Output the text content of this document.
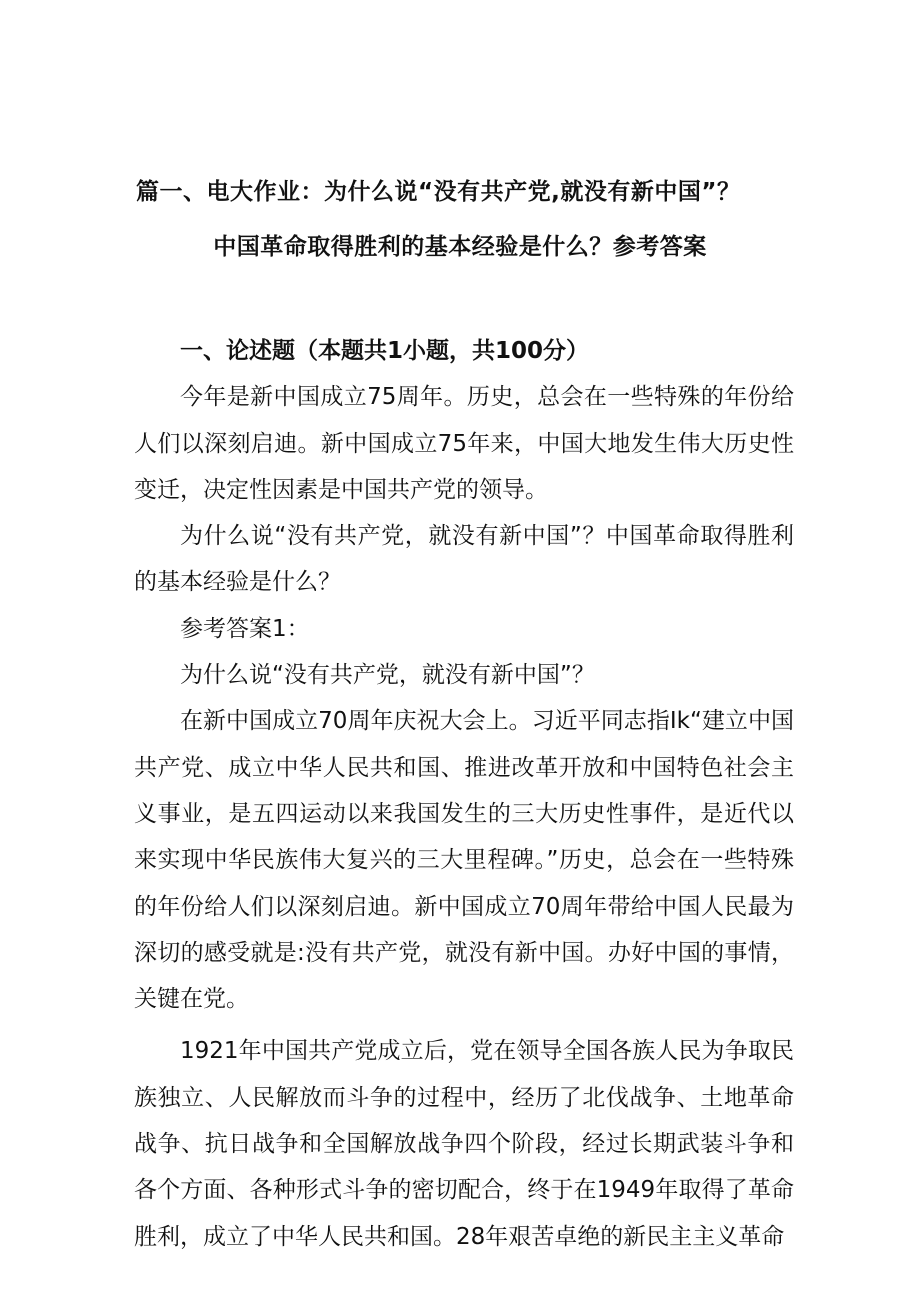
篇一、电大作业：为什么说“没有共产党,就没有新中国”？
中国革命取得胜利的基本经验是什么？参考答案

一、论述题（本题共1小题，共100分）

今年是新中国成立75周年。历史，总会在一些特殊的年份给人们以深刻启迪。新中国成立75年来，中国大地发生伟大历史性变迁，决定性因素是中国共产党的领导。

为什么说“没有共产党，就没有新中国”？中国革命取得胜利的基本经验是什么？

参考答案1：

为什么说“没有共产党，就没有新中国”？

在新中国成立70周年庆祝大会上。习近平同志指Ik“建立中国共产党、成立中华人民共和国、推进改革开放和中国特色社会主义事业，是五四运动以来我国发生的三大历史性事件，是近代以来实现中华民族伟大复兴的三大里程碑。”历史，总会在一些特殊的年份给人们以深刻启迪。新中国成立70周年带给中国人民最为深切的感受就是:没有共产党，就没有新中国。办好中国的事情，关键在党。

1921年中国共产党成立后，党在领导全国各族人民为争取民族独立、人民解放而斗争的过程中，经历了北伐战争、土地革命战争、抗日战争和全国解放战争四个阶段，经过长期武装斗争和各个方面、各种形式斗争的密切配合，终于在1949年取得了革命胜利，成立了中华人民共和国。28年艰苦卓绝的新民主主义革命
